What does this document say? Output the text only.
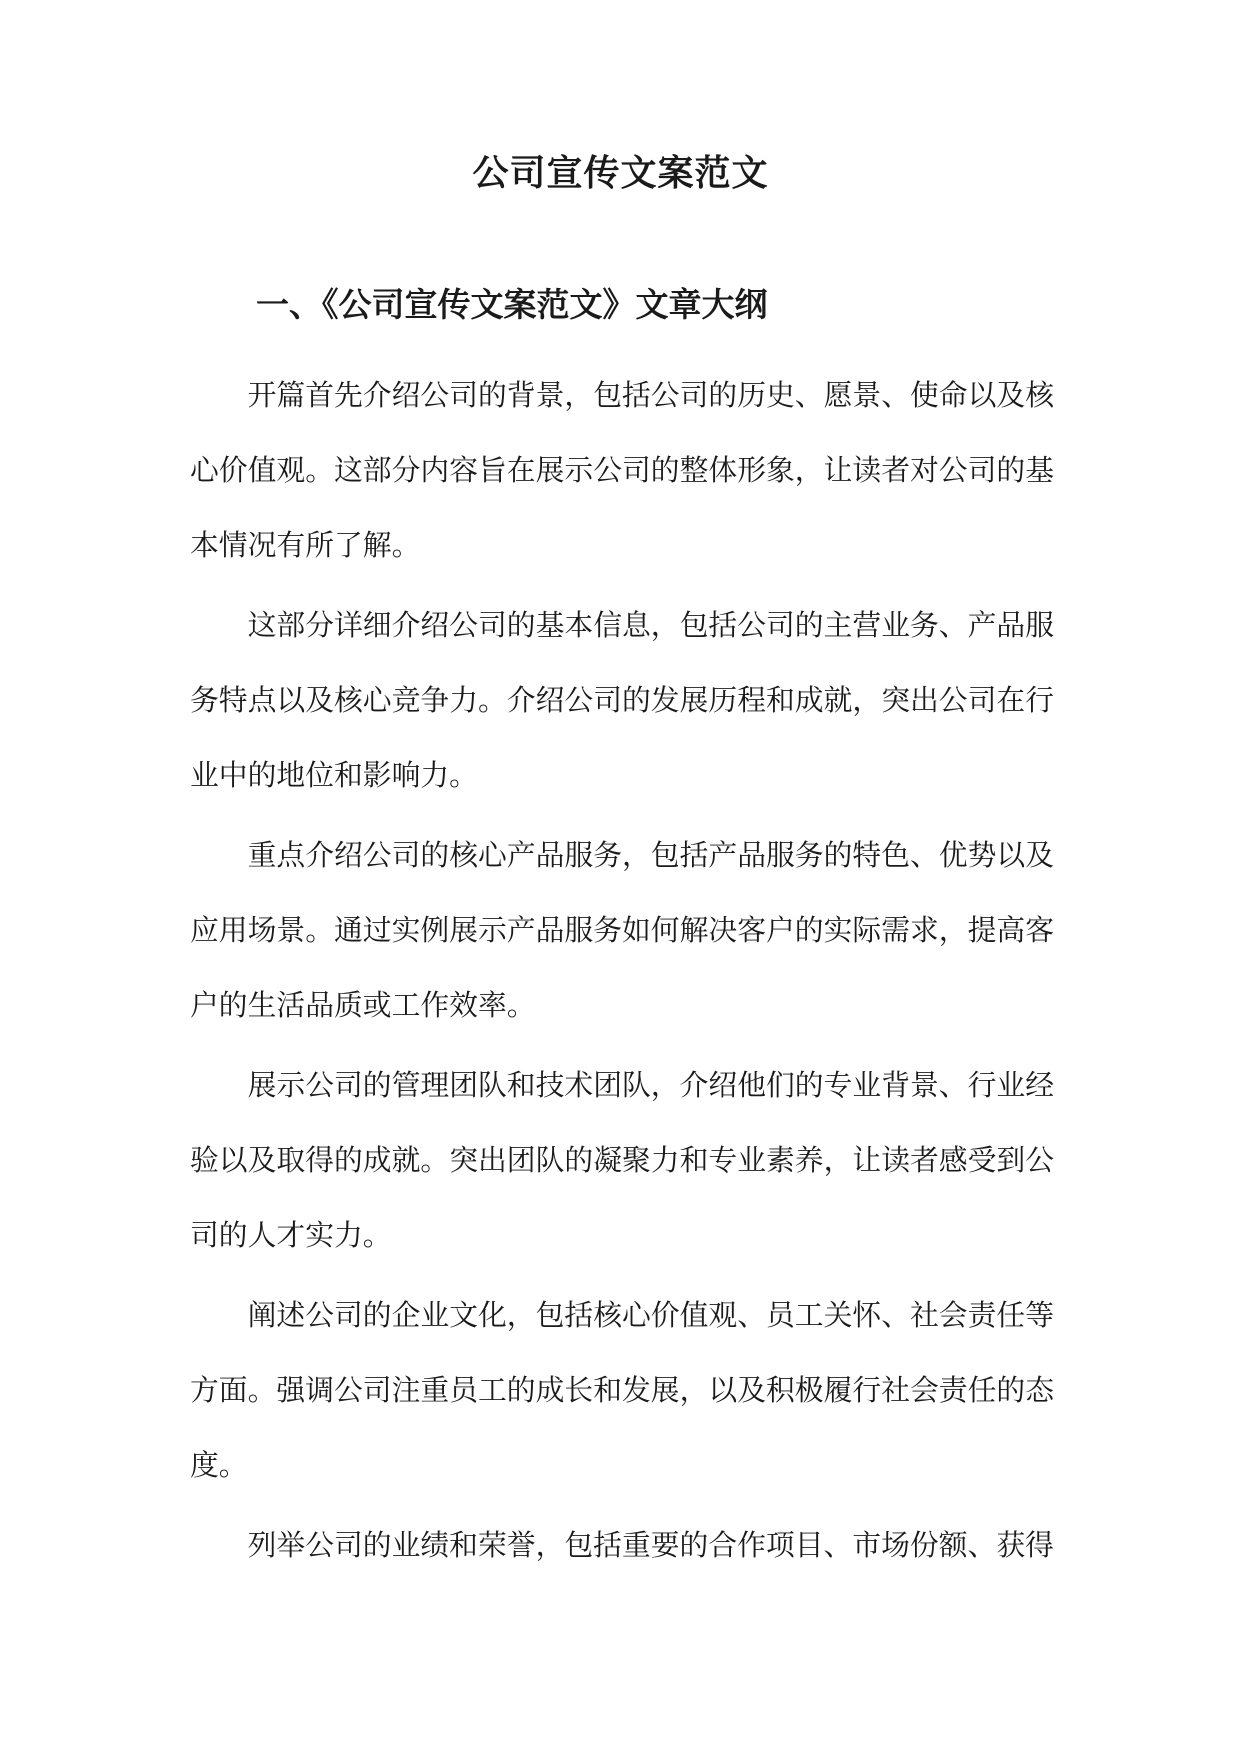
公司宣传文案范文
一、《公司宣传文案范文》文章大纲

开篇首先介绍公司的背景，包括公司的历史、愿景、使命以及核心价值观。这部分内容旨在展示公司的整体形象，让读者对公司的基本情况有所了解。

这部分详细介绍公司的基本信息，包括公司的主营业务、产品服务特点以及核心竞争力。介绍公司的发展历程和成就，突出公司在行业中的地位和影响力。

重点介绍公司的核心产品服务，包括产品服务的特色、优势以及应用场景。通过实例展示产品服务如何解决客户的实际需求，提高客户的生活品质或工作效率。

展示公司的管理团队和技术团队，介绍他们的专业背景、行业经验以及取得的成就。突出团队的凝聚力和专业素养，让读者感受到公司的人才实力。

阐述公司的企业文化，包括核心价值观、员工关怀、社会责任等方面。强调公司注重员工的成长和发展，以及积极履行社会责任的态度。

列举公司的业绩和荣誉，包括重要的合作项目、市场份额、获得
